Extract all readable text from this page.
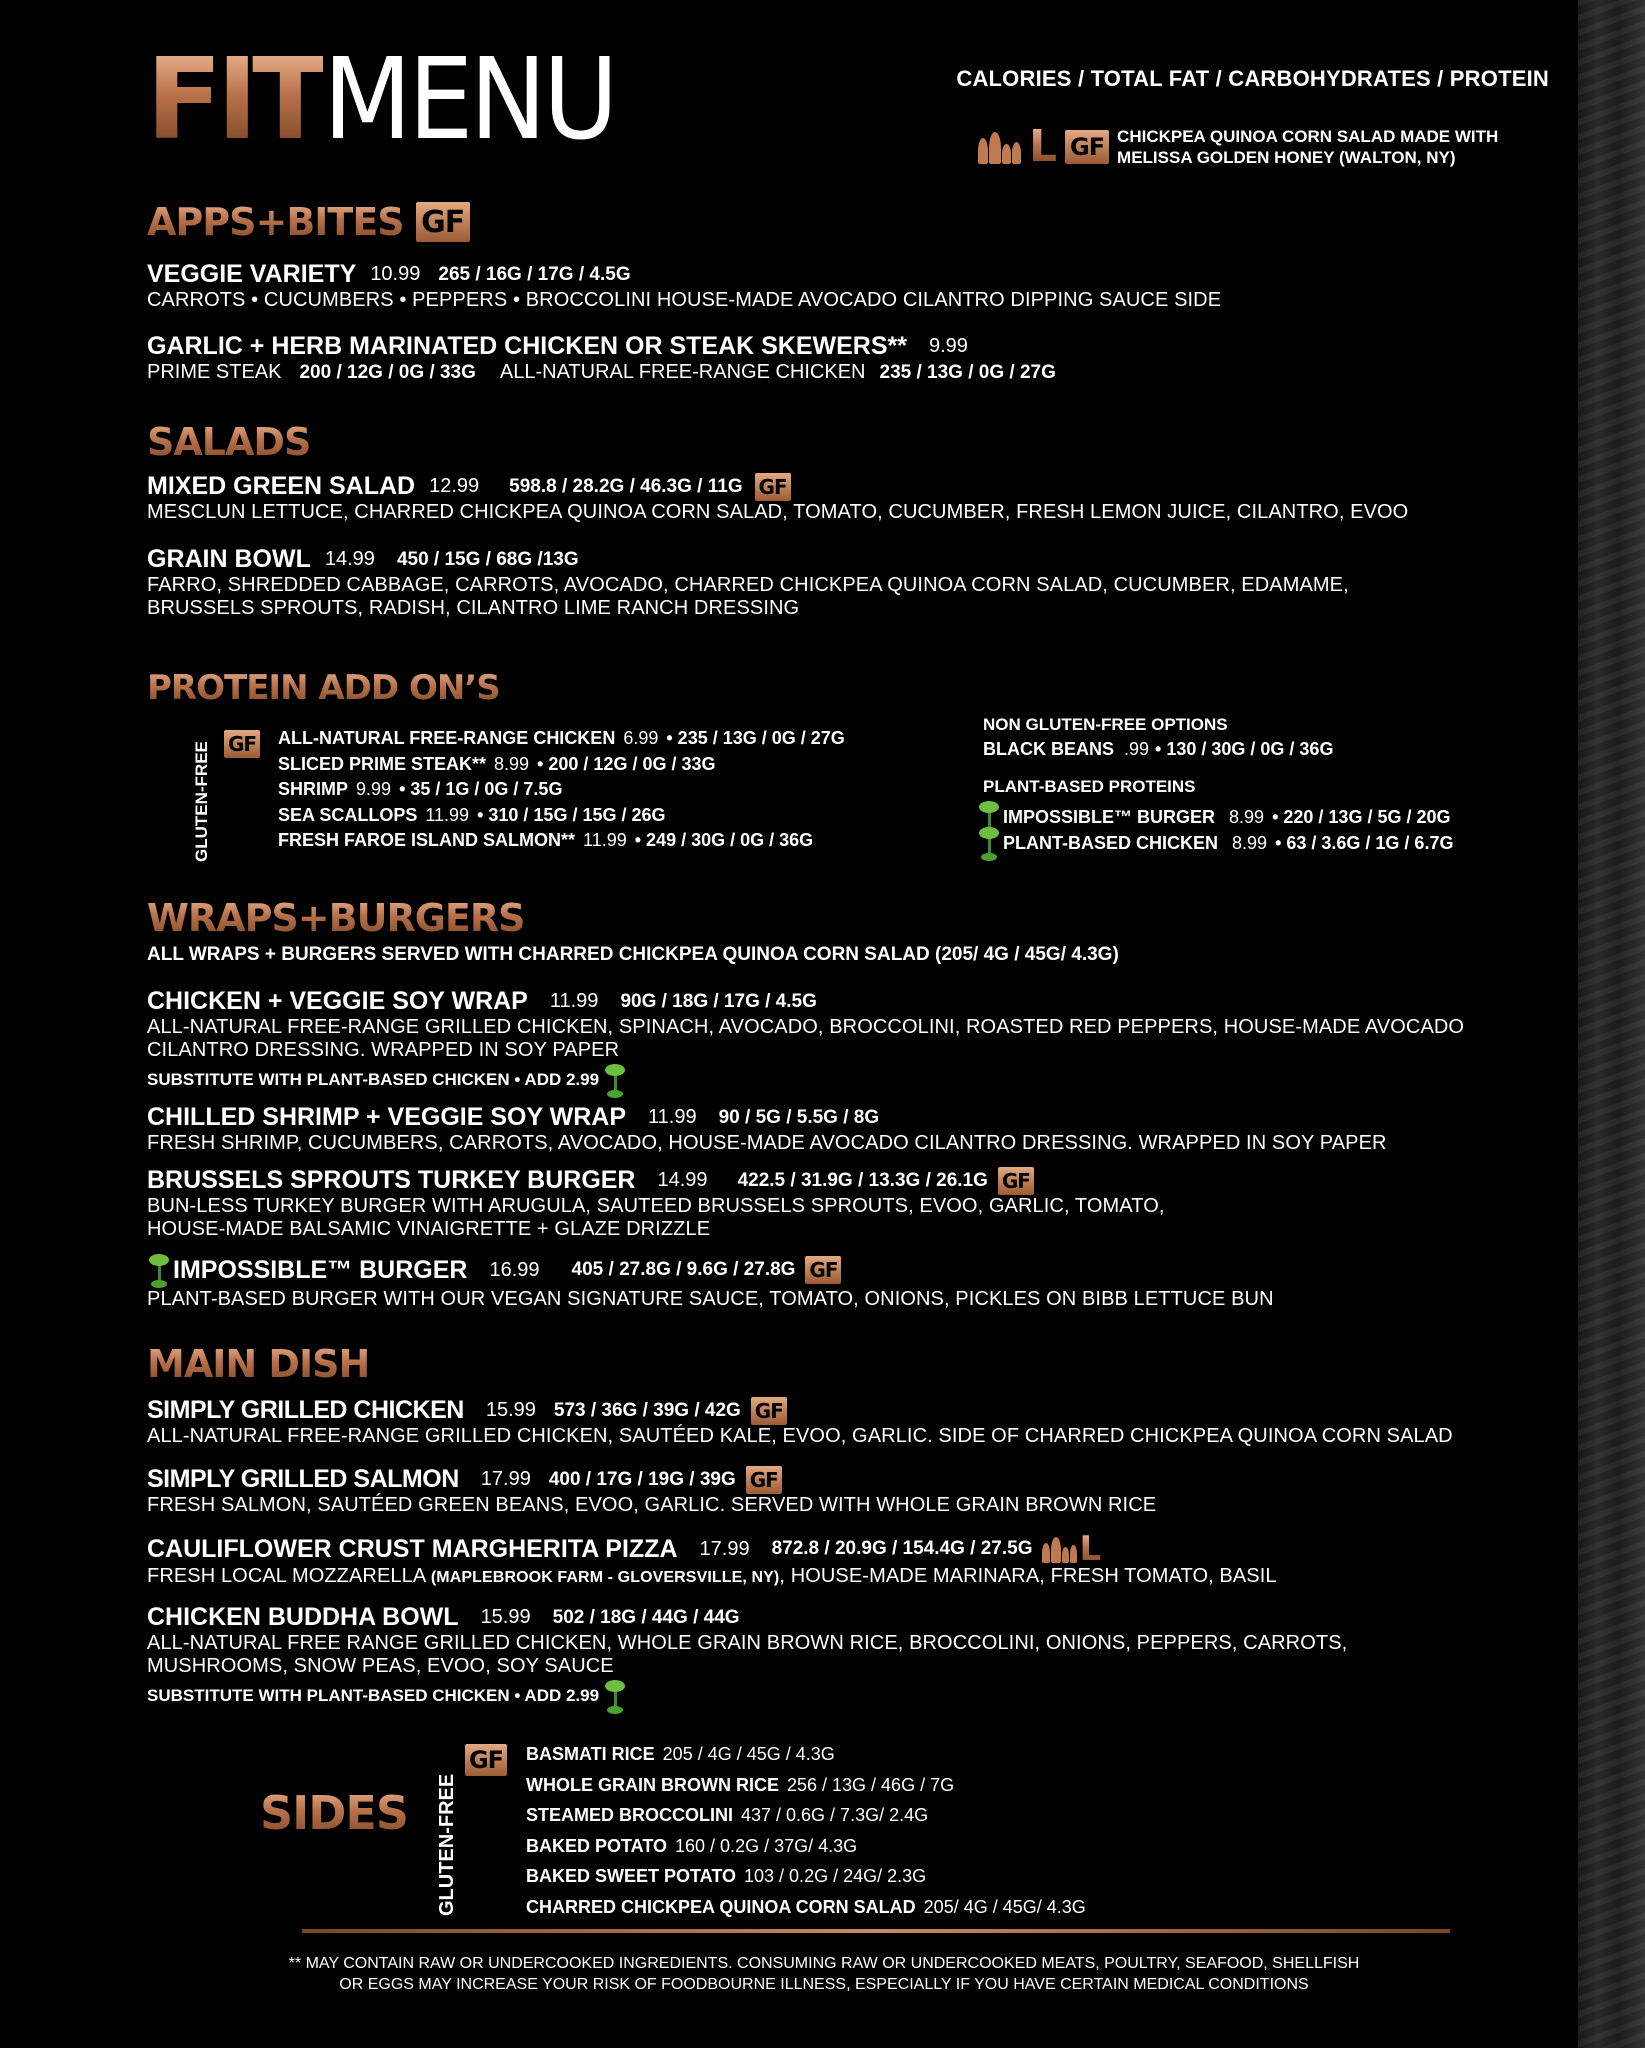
FIT MENU	CALORIES / TOTAL FAT / CARBOHYDRATES / PROTEIN
L GF CHICKPEA QUINOA CORN SALAD MADE WITH
MELISSA GOLDEN HONEY (WALTON, NY)
APPS+BITES GF
VEGGIE VARIETY 10.99 265 / 16G / 17G / 4.5G
CARROTS • CUCUMBERS • PEPPERS • BROCCOLINI HOUSE-MADE AVOCADO CILANTRO DIPPING SAUCE SIDE
GARLIC + HERB MARINATED CHICKEN OR STEAK SKEWERS** 9.99
PRIME STEAK 200 / 12G / 0G / 33G ALL-NATURAL FREE-RANGE CHICKEN 235 / 13G / 0G / 27G
SALADS
MIXED GREEN SALAD 12.99 598.8 / 28.2G / 46.3G / 11G GF
MESCLUN LETTUCE, CHARRED CHICKPEA QUINOA CORN SALAD, TOMATO, CUCUMBER, FRESH LEMON JUICE, CILANTRO, EVOO
GRAIN BOWL 14.99 450 / 15G / 68G /13G
FARRO, SHREDDED CABBAGE, CARROTS, AVOCADO, CHARRED CHICKPEA QUINOA CORN SALAD, CUCUMBER, EDAMAME,
BRUSSELS SPROUTS, RADISH, CILANTRO LIME RANCH DRESSING
PROTEIN ADD ON’S
GLUTEN-FREE GF ALL-NATURAL FREE-RANGE CHICKEN 6.99 • 235 / 13G / 0G / 27G
SLICED PRIME STEAK** 8.99 • 200 / 12G / 0G / 33G
SHRIMP 9.99 • 35 / 1G / 0G / 7.5G
SEA SCALLOPS 11.99 • 310 / 15G / 15G / 26G
FRESH FAROE ISLAND SALMON** 11.99 • 249 / 30G / 0G / 36G
NON GLUTEN-FREE OPTIONS
BLACK BEANS .99 • 130 / 30G / 0G / 36G
PLANT-BASED PROTEINS
IMPOSSIBLE™ BURGER 8.99 • 220 / 13G / 5G / 20G
PLANT-BASED CHICKEN 8.99 • 63 / 3.6G / 1G / 6.7G
WRAPS+BURGERS
ALL WRAPS + BURGERS SERVED WITH CHARRED CHICKPEA QUINOA CORN SALAD (205/ 4G / 45G/ 4.3G)
CHICKEN + VEGGIE SOY WRAP 11.99 90G / 18G / 17G / 4.5G
ALL-NATURAL FREE-RANGE GRILLED CHICKEN, SPINACH, AVOCADO, BROCCOLINI, ROASTED RED PEPPERS, HOUSE-MADE AVOCADO
CILANTRO DRESSING. WRAPPED IN SOY PAPER
SUBSTITUTE WITH PLANT-BASED CHICKEN • ADD 2.99
CHILLED SHRIMP + VEGGIE SOY WRAP 11.99 90 / 5G / 5.5G / 8G
FRESH SHRIMP, CUCUMBERS, CARROTS, AVOCADO, HOUSE-MADE AVOCADO CILANTRO DRESSING. WRAPPED IN SOY PAPER
BRUSSELS SPROUTS TURKEY BURGER 14.99 422.5 / 31.9G / 13.3G / 26.1G GF
BUN-LESS TURKEY BURGER WITH ARUGULA, SAUTEED BRUSSELS SPROUTS, EVOO, GARLIC, TOMATO,
HOUSE-MADE BALSAMIC VINAIGRETTE + GLAZE DRIZZLE
IMPOSSIBLE™ BURGER 16.99 405 / 27.8G / 9.6G / 27.8G GF
PLANT-BASED BURGER WITH OUR VEGAN SIGNATURE SAUCE, TOMATO, ONIONS, PICKLES ON BIBB LETTUCE BUN
MAIN DISH
SIMPLY GRILLED CHICKEN 15.99 573 / 36G / 39G / 42G GF
ALL-NATURAL FREE-RANGE GRILLED CHICKEN, SAUTÉED KALE, EVOO, GARLIC. SIDE OF CHARRED CHICKPEA QUINOA CORN SALAD
SIMPLY GRILLED SALMON 17.99 400 / 17G / 19G / 39G GF
FRESH SALMON, SAUTÉED GREEN BEANS, EVOO, GARLIC. SERVED WITH WHOLE GRAIN BROWN RICE
CAULIFLOWER CRUST MARGHERITA PIZZA 17.99 872.8 / 20.9G / 154.4G / 27.5G L
FRESH LOCAL MOZZARELLA (MAPLEBROOK FARM - GLOVERSVILLE, NY), HOUSE-MADE MARINARA, FRESH TOMATO, BASIL
CHICKEN BUDDHA BOWL 15.99 502 / 18G / 44G / 44G
ALL-NATURAL FREE RANGE GRILLED CHICKEN, WHOLE GRAIN BROWN RICE, BROCCOLINI, ONIONS, PEPPERS, CARROTS,
MUSHROOMS, SNOW PEAS, EVOO, SOY SAUCE
SUBSTITUTE WITH PLANT-BASED CHICKEN • ADD 2.99
SIDES GLUTEN-FREE
GF BASMATI RICE 205 / 4G / 45G / 4.3G
WHOLE GRAIN BROWN RICE 256 / 13G / 46G / 7G
STEAMED BROCCOLINI 437 / 0.6G / 7.3G/ 2.4G
BAKED POTATO 160 / 0.2G / 37G/ 4.3G
BAKED SWEET POTATO 103 / 0.2G / 24G/ 2.3G
CHARRED CHICKPEA QUINOA CORN SALAD 205/ 4G / 45G/ 4.3G
** MAY CONTAIN RAW OR UNDERCOOKED INGREDIENTS. CONSUMING RAW OR UNDERCOOKED MEATS, POULTRY, SEAFOOD, SHELLFISH
OR EGGS MAY INCREASE YOUR RISK OF FOODBOURNE ILLNESS, ESPECIALLY IF YOU HAVE CERTAIN MEDICAL CONDITIONS
